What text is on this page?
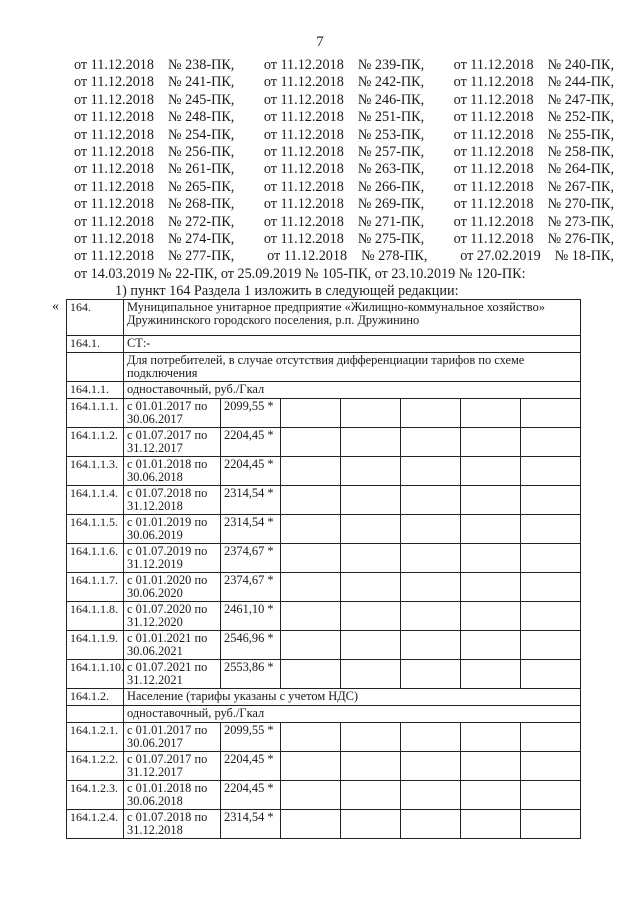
7
от 11.12.2018 № 238-ПК, от 11.12.2018 № 239-ПК, от 11.12.2018 № 240-ПК,
от 11.12.2018 № 241-ПК, от 11.12.2018 № 242-ПК, от 11.12.2018 № 244-ПК,
от 11.12.2018 № 245-ПК, от 11.12.2018 № 246-ПК, от 11.12.2018 № 247-ПК,
от 11.12.2018 № 248-ПК, от 11.12.2018 № 251-ПК, от 11.12.2018 № 252-ПК,
от 11.12.2018 № 254-ПК, от 11.12.2018 № 253-ПК, от 11.12.2018 № 255-ПК,
от 11.12.2018 № 256-ПК, от 11.12.2018 № 257-ПК, от 11.12.2018 № 258-ПК,
от 11.12.2018 № 261-ПК, от 11.12.2018 № 263-ПК, от 11.12.2018 № 264-ПК,
от 11.12.2018 № 265-ПК, от 11.12.2018 № 266-ПК, от 11.12.2018 № 267-ПК,
от 11.12.2018 № 268-ПК, от 11.12.2018 № 269-ПК, от 11.12.2018 № 270-ПК,
от 11.12.2018 № 272-ПК, от 11.12.2018 № 271-ПК, от 11.12.2018 № 273-ПК,
от 11.12.2018 № 274-ПК, от 11.12.2018 № 275-ПК, от 11.12.2018 № 276-ПК,
от 11.12.2018 № 277-ПК, от 11.12.2018 № 278-ПК, от 27.02.2019 № 18-ПК,
от 14.03.2019 № 22-ПК, от 25.09.2019 № 105-ПК, от 23.10.2019 № 120-ПК:
1) пункт 164 Раздела 1 изложить в следующей редакции:
« 164.	Муниципальное унитарное предприятие «Жилищно-коммунальное хозяйство» Дружининского городского поселения, р.п. Дружинино						
164.1.	СТ:-						
	Для потребителей, в случае отсутствия дифференциации тарифов по схеме подключения						
164.1.1.	одноставочный, руб./Гкал						
164.1.1.1.	с 01.01.2017 по 30.06.2017	2099,55 *					
164.1.1.2.	с 01.07.2017 по 31.12.2017	2204,45 *					
164.1.1.3.	с 01.01.2018 по 30.06.2018	2204,45 *					
164.1.1.4.	с 01.07.2018 по 31.12.2018	2314,54 *					
164.1.1.5.	с 01.01.2019 по 30.06.2019	2314,54 *					
164.1.1.6.	с 01.07.2019 по 31.12.2019	2374,67 *					
164.1.1.7.	с 01.01.2020 по 30.06.2020	2374,67 *					
164.1.1.8.	с 01.07.2020 по 31.12.2020	2461,10 *					
164.1.1.9.	с 01.01.2021 по 30.06.2021	2546,96 *					
164.1.1.10.	с 01.07.2021 по 31.12.2021	2553,86 *					
164.1.2.	Население (тарифы указаны с учетом НДС)						
	одноставочный, руб./Гкал						
164.1.2.1.	с 01.01.2017 по 30.06.2017	2099,55 *					
164.1.2.2.	с 01.07.2017 по 31.12.2017	2204,45 *					
164.1.2.3.	с 01.01.2018 по 30.06.2018	2204,45 *					
164.1.2.4.	с 01.07.2018 по 31.12.2018	2314,54 *					
